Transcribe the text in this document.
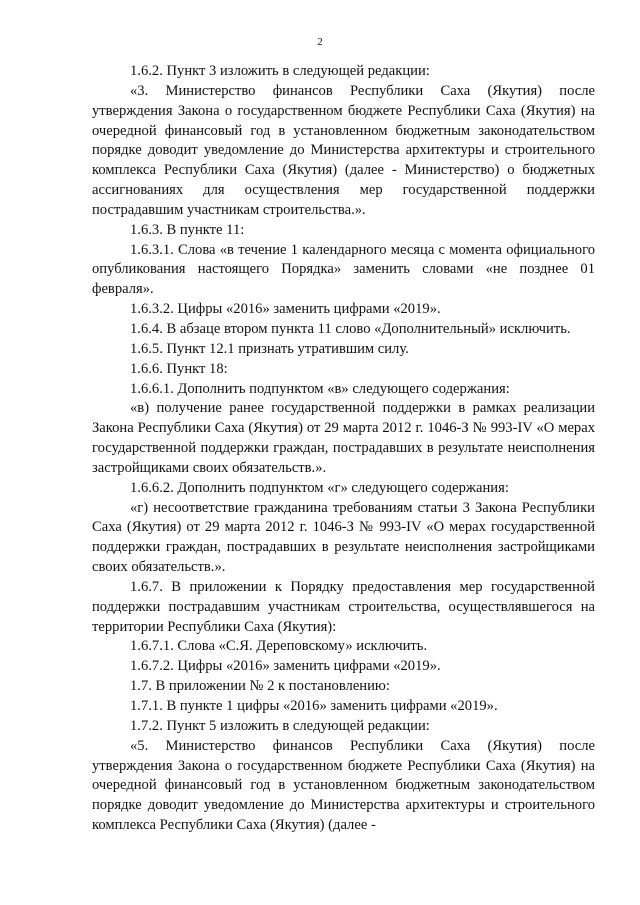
2

1.6.2. Пункт 3 изложить в следующей редакции:

«3. Министерство финансов Республики Саха (Якутия) после утверждения Закона о государственном бюджете Республики Саха (Якутия) на очередной финансовый год в установленном бюджетным законодательством порядке доводит уведомление до Министерства архитектуры и строительного комплекса Республики Саха (Якутия) (далее - Министерство) о бюджетных ассигнованиях для осуществления мер государственной поддержки пострадавшим участникам строительства.».

1.6.3. В пункте 11:

1.6.3.1. Слова «в течение 1 календарного месяца с момента официального опубликования настоящего Порядка» заменить словами «не позднее 01 февраля».

1.6.3.2. Цифры «2016» заменить цифрами «2019».

1.6.4. В абзаце втором пункта 11 слово «Дополнительный» исключить.

1.6.5. Пункт 12.1 признать утратившим силу.

1.6.6. Пункт 18:

1.6.6.1. Дополнить подпунктом «в» следующего содержания:

«в) получение ранее государственной поддержки в рамках реализации Закона Республики Саха (Якутия) от 29 марта 2012 г. 1046-З № 993-IV «О мерах государственной поддержки граждан, пострадавших в результате неисполнения застройщиками своих обязательств.».

1.6.6.2. Дополнить подпунктом «г» следующего содержания:

«г) несоответствие гражданина требованиям статьи 3 Закона Республики Саха (Якутия) от 29 марта 2012 г. 1046-З № 993-IV «О мерах государственной поддержки граждан, пострадавших в результате неисполнения застройщиками своих обязательств.».

1.6.7. В приложении к Порядку предоставления мер государственной поддержки пострадавшим участникам строительства, осуществлявшегося на территории Республики Саха (Якутия):

1.6.7.1. Слова «С.Я. Дереповскому» исключить.

1.6.7.2. Цифры «2016» заменить цифрами «2019».

1.7. В приложении № 2 к постановлению:

1.7.1. В пункте 1 цифры «2016» заменить цифрами «2019».

1.7.2. Пункт 5 изложить в следующей редакции:

«5. Министерство финансов Республики Саха (Якутия) после утверждения Закона о государственном бюджете Республики Саха (Якутия) на очередной финансовый год в установленном бюджетным законодательством порядке доводит уведомление до Министерства архитектуры и строительного комплекса Республики Саха (Якутия) (далее -
